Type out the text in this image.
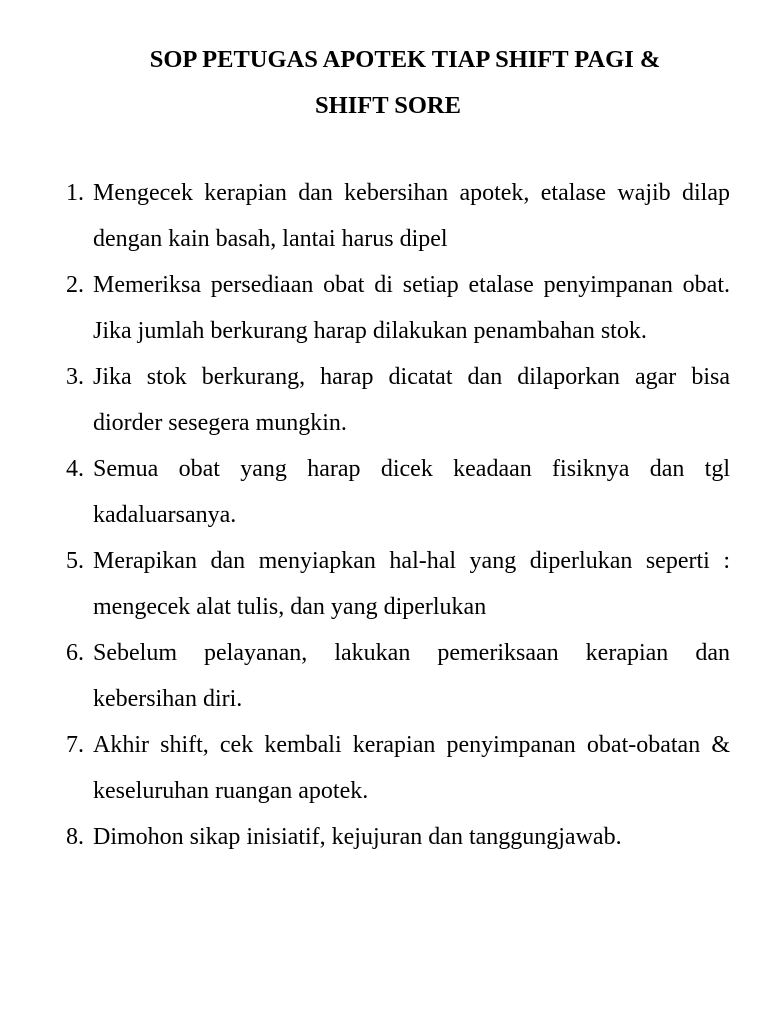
SOP PETUGAS APOTEK TIAP SHIFT PAGI &
SHIFT SORE
1. Mengecek kerapian dan kebersihan apotek, etalase wajib dilap dengan kain basah, lantai harus dipel
2. Memeriksa persediaan obat di setiap etalase penyimpanan obat. Jika jumlah berkurang harap dilakukan penambahan stok.
3. Jika stok berkurang, harap dicatat dan dilaporkan agar bisa diorder sesegera mungkin.
4. Semua obat yang harap dicek keadaan fisiknya dan tgl kadaluarsanya.
5. Merapikan dan menyiapkan hal-hal yang diperlukan seperti : mengecek alat tulis, dan yang diperlukan
6. Sebelum pelayanan, lakukan pemeriksaan kerapian dan kebersihan diri.
7. Akhir shift, cek kembali kerapian penyimpanan obat-obatan & keseluruhan ruangan apotek.
8. Dimohon sikap inisiatif, kejujuran dan tanggungjawab.
